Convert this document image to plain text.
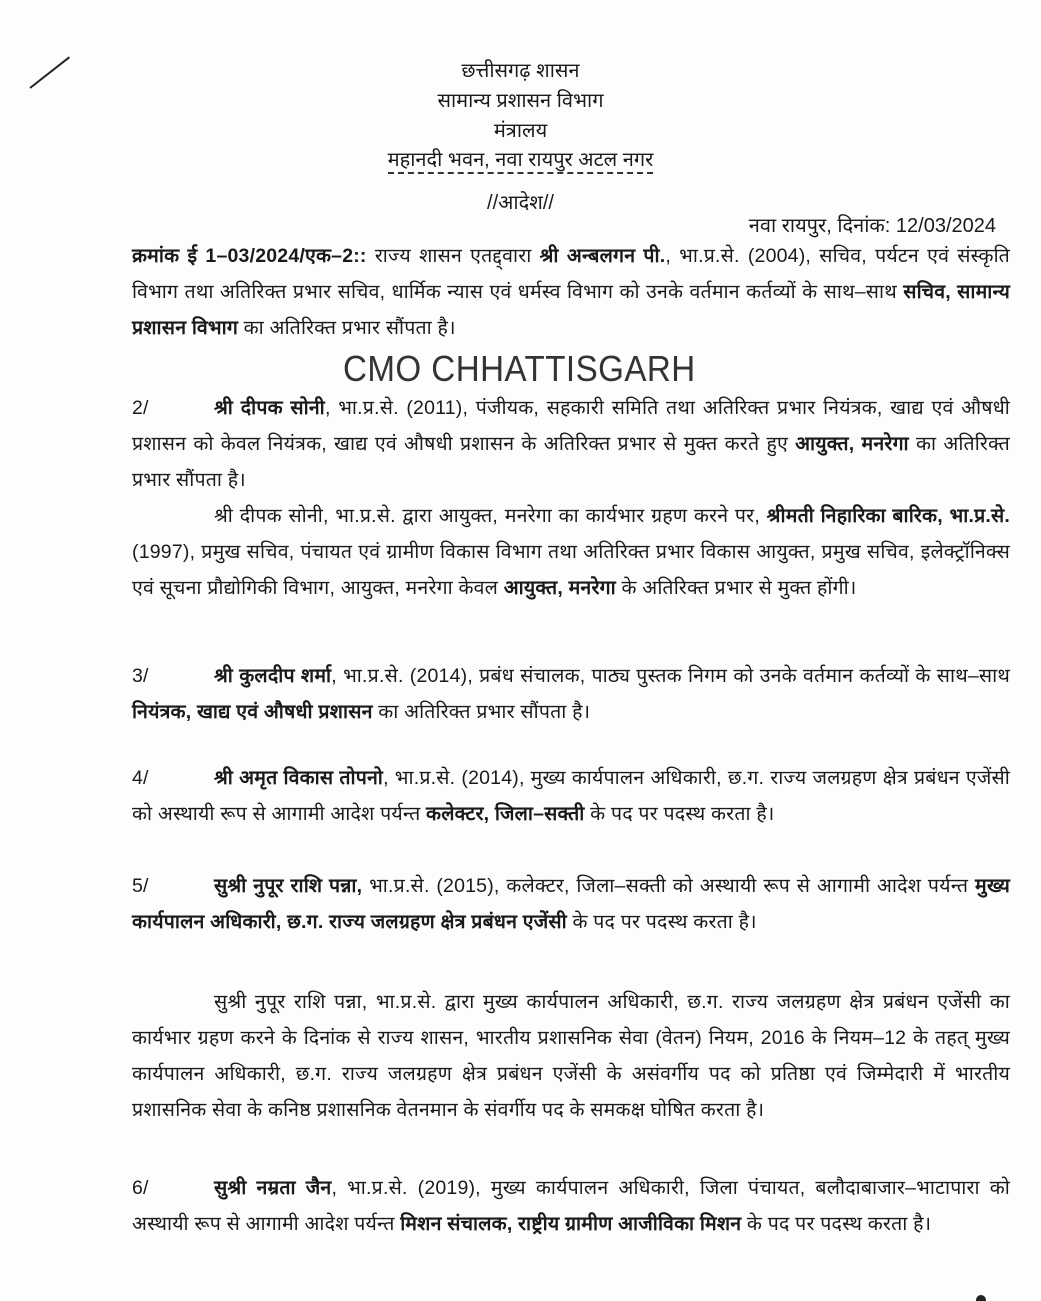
छत्तीसगढ़ शासन
सामान्य प्रशासन विभाग
मंत्रालय
महानदी भवन, नवा रायपुर अटल नगर
//आदेश//
नवा रायपुर, दिनांक: 12/03/2024
क्रमांक ई 1–03/2024/एक–2:: राज्य शासन एतद्द्वारा श्री अन्बलगन पी., भा.प्र.से. (2004), सचिव, पर्यटन एवं संस्कृति विभाग तथा अतिरिक्त प्रभार सचिव, धार्मिक न्यास एवं धर्मस्व विभाग को उनके वर्तमान कर्तव्यों के साथ–साथ सचिव, सामान्य प्रशासन विभाग का अतिरिक्त प्रभार सौंपता है।
CMO CHHATTISGARH
2/	श्री दीपक सोनी, भा.प्र.से. (2011), पंजीयक, सहकारी समिति तथा अतिरिक्त प्रभार नियंत्रक, खाद्य एवं औषधी प्रशासन को केवल नियंत्रक, खाद्य एवं औषधी प्रशासन के अतिरिक्त प्रभार से मुक्त करते हुए आयुक्त, मनरेगा का अतिरिक्त प्रभार सौंपता है।
श्री दीपक सोनी, भा.प्र.से. द्वारा आयुक्त, मनरेगा का कार्यभार ग्रहण करने पर, श्रीमती निहारिका बारिक, भा.प्र.से. (1997), प्रमुख सचिव, पंचायत एवं ग्रामीण विकास विभाग तथा अतिरिक्त प्रभार विकास आयुक्त, प्रमुख सचिव, इलेक्ट्रॉनिक्स एवं सूचना प्रौद्योगिकी विभाग, आयुक्त, मनरेगा केवल आयुक्त, मनरेगा के अतिरिक्त प्रभार से मुक्त होंगी।
3/	श्री कुलदीप शर्मा, भा.प्र.से. (2014), प्रबंध संचालक, पाठ्य पुस्तक निगम को उनके वर्तमान कर्तव्यों के साथ–साथ नियंत्रक, खाद्य एवं औषधी प्रशासन का अतिरिक्त प्रभार सौंपता है।
4/	श्री अमृत विकास तोपनो, भा.प्र.से. (2014), मुख्य कार्यपालन अधिकारी, छ.ग. राज्य जलग्रहण क्षेत्र प्रबंधन एजेंसी को अस्थायी रूप से आगामी आदेश पर्यन्त कलेक्टर, जिला–सक्ती के पद पर पदस्थ करता है।
5/	सुश्री नुपूर राशि पन्ना, भा.प्र.से. (2015), कलेक्टर, जिला–सक्ती को अस्थायी रूप से आगामी आदेश पर्यन्त मुख्य कार्यपालन अधिकारी, छ.ग. राज्य जलग्रहण क्षेत्र प्रबंधन एजेंसी के पद पर पदस्थ करता है।
सुश्री नुपूर राशि पन्ना, भा.प्र.से. द्वारा मुख्य कार्यपालन अधिकारी, छ.ग. राज्य जलग्रहण क्षेत्र प्रबंधन एजेंसी का कार्यभार ग्रहण करने के दिनांक से राज्य शासन, भारतीय प्रशासनिक सेवा (वेतन) नियम, 2016 के नियम–12 के तहत् मुख्य कार्यपालन अधिकारी, छ.ग. राज्य जलग्रहण क्षेत्र प्रबंधन एजेंसी के असंवर्गीय पद को प्रतिष्ठा एवं जिम्मेदारी में भारतीय प्रशासनिक सेवा के कनिष्ठ प्रशासनिक वेतनमान के संवर्गीय पद के समकक्ष घोषित करता है।
6/	सुश्री नम्रता जैन, भा.प्र.से. (2019), मुख्य कार्यपालन अधिकारी, जिला पंचायत, बलौदाबाजार–भाटापारा को अस्थायी रूप से आगामी आदेश पर्यन्त मिशन संचालक, राष्ट्रीय ग्रामीण आजीविका मिशन के पद पर पदस्थ करता है।
